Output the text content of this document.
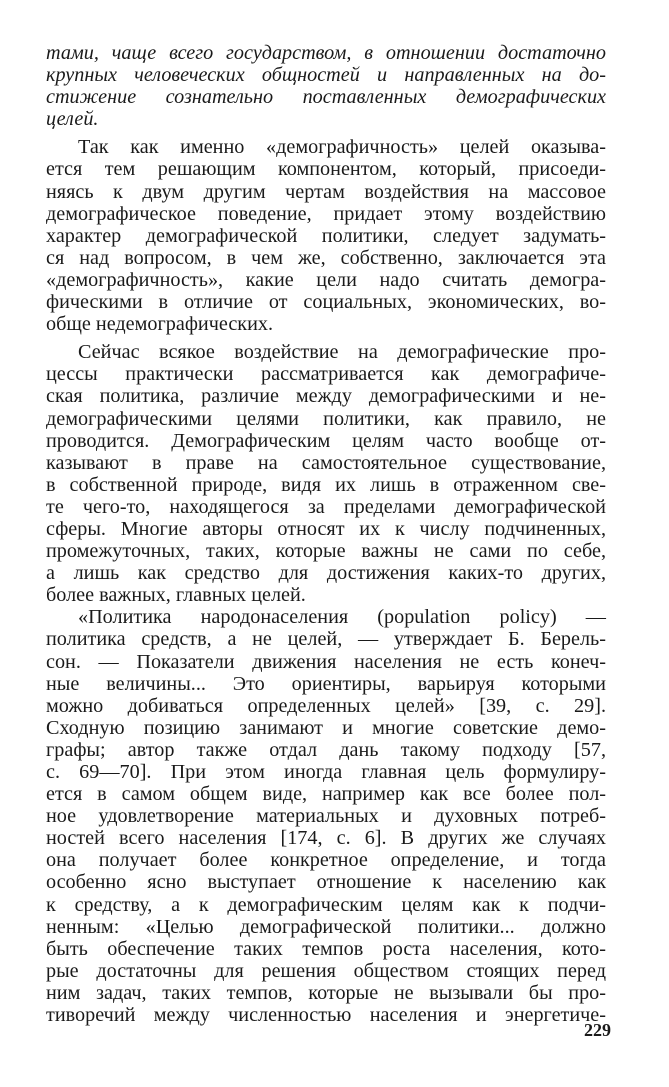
тами, чаще всего государством, в отношении достаточно
крупных человеческих общностей и направленных на до-
стижение сознательно поставленных демографических
целей.
Так как именно «демографичность» целей оказыва-
ется тем решающим компонентом, который, присоеди-
няясь к двум другим чертам воздействия на массовое
демографическое поведение, придает этому воздействию
характер демографической политики, следует задумать-
ся над вопросом, в чем же, собственно, заключается эта
«демографичность», какие цели надо считать демогра-
фическими в отличие от социальных, экономических, во-
обще недемографических.
Сейчас всякое воздействие на демографические про-
цессы практически рассматривается как демографиче-
ская политика, различие между демографическими и не-
демографическими целями политики, как правило, не
проводится. Демографическим целям часто вообще от-
казывают в праве на самостоятельное существование,
в собственной природе, видя их лишь в отраженном све-
те чего-то, находящегося за пределами демографической
сферы. Многие авторы относят их к числу подчиненных,
промежуточных, таких, которые важны не сами по себе,
а лишь как средство для достижения каких-то других,
более важных, главных целей.
«Политика народонаселения (population policy) —
политика средств, а не целей, — утверждает Б. Берель-
сон. — Показатели движения населения не есть конеч-
ные величины... Это ориентиры, варьируя которыми
можно добиваться определенных целей» [39, с. 29].
Сходную позицию занимают и многие советские демо-
графы; автор также отдал дань такому подходу [57,
с. 69—70]. При этом иногда главная цель формулиру-
ется в самом общем виде, например как все более пол-
ное удовлетворение материальных и духовных потреб-
ностей всего населения [174, с. 6]. В других же случаях
она получает более конкретное определение, и тогда
особенно ясно выступает отношение к населению как
к средству, а к демографическим целям как к подчи-
ненным: «Целью демографической политики... должно
быть обеспечение таких темпов роста населения, кото-
рые достаточны для решения обществом стоящих перед
ним задач, таких темпов, которые не вызывали бы про-
тиворечий между численностью населения и энергетиче-
229
